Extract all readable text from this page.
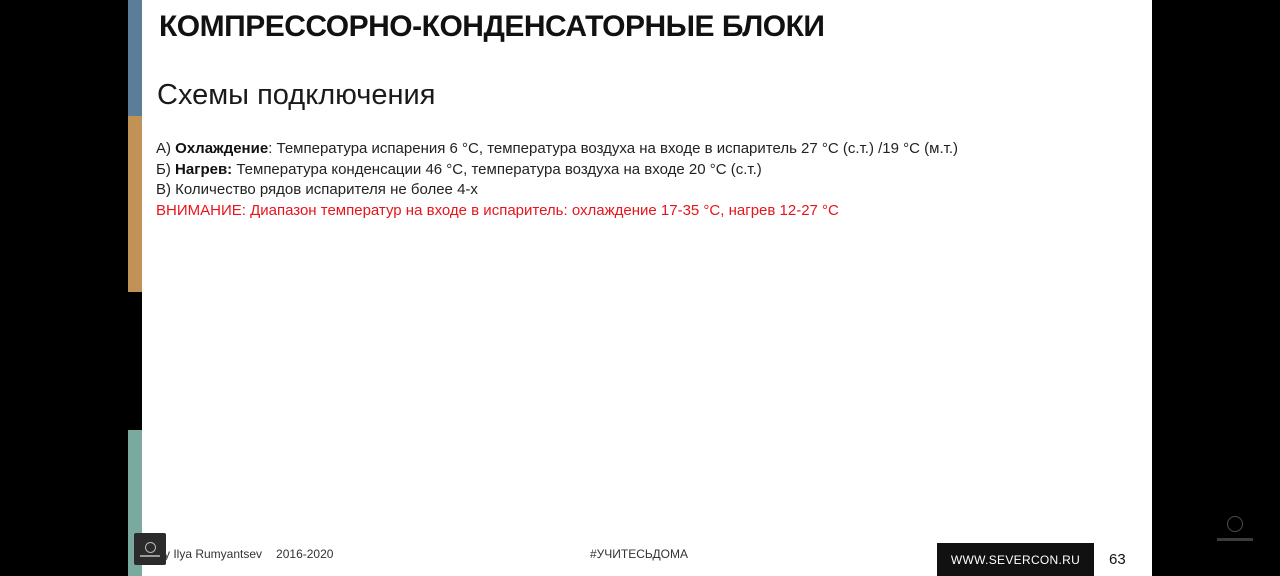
КОМПРЕССОРНО-КОНДЕНСАТОРНЫЕ БЛОКИ
Схемы подключения
А) Охлаждение: Температура испарения 6 °С, температура воздуха на входе в испаритель 27 °С (с.т.) /19 °С (м.т.)
Б) Нагрев: Температура конденсации 46 °С, температура воздуха на входе 20 °С (с.т.)
В) Количество рядов испарителя не более 4-х
ВНИМАНИЕ: Диапазон температур на входе в испаритель: охлаждение 17-35 °С, нагрев 12-27 °С
y Ilya Rumyantsev 2016-2020	#УЧИТЕСЬДОМА	WWW.SEVERCON.RU	63
